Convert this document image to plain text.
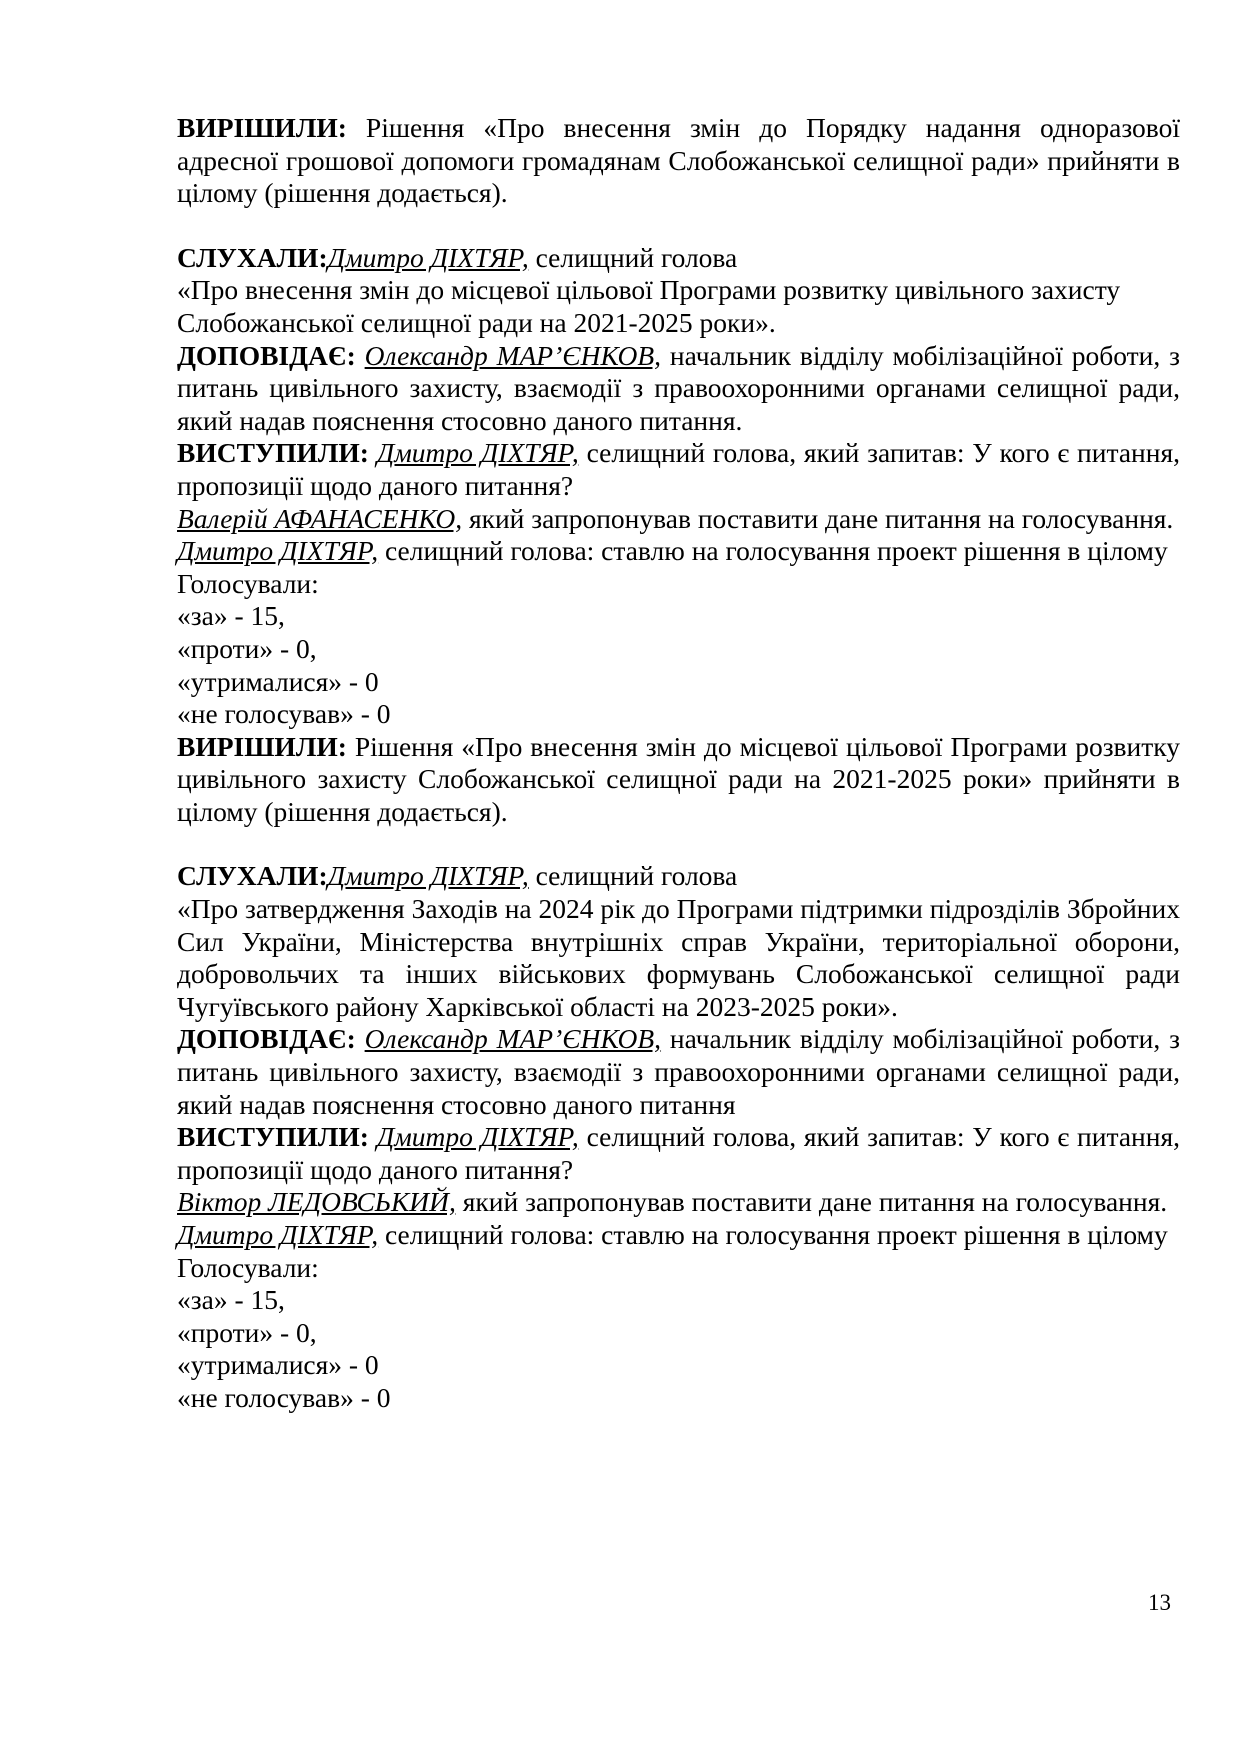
ВИРІШИЛИ: Рішення «Про внесення змін до Порядку надання одноразової адресної грошової допомоги громадянам Слобожанської селищної ради» прийняти в цілому (рішення додається).

СЛУХАЛИ:Дмитро ДІХТЯР, селищний голова

«Про внесення змін до місцевої цільової Програми розвитку цивільного захисту Слобожанської селищної ради на 2021-2025 роки».

ДОПОВІДАЄ: Олександр МАР’ЄНКОВ, начальник відділу мобілізаційної роботи, з питань цивільного захисту, взаємодії з правоохоронними органами селищної ради, який надав пояснення стосовно даного питання.

ВИСТУПИЛИ: Дмитро ДІХТЯР, селищний голова, який запитав: У кого є питання, пропозиції щодо даного питання?

Валерій АФАНАСЕНКО, який запропонував поставити дане питання на голосування.

Дмитро ДІХТЯР, селищний голова: ставлю на голосування проект рішення в цілому

Голосували:

«за» - 15,

«проти» - 0,

«утрималися» - 0

«не голосував» - 0

ВИРІШИЛИ: Рішення «Про внесення змін до місцевої цільової Програми розвитку цивільного захисту Слобожанської селищної ради на 2021-2025 роки» прийняти в цілому (рішення додається).

СЛУХАЛИ:Дмитро ДІХТЯР, селищний голова

«Про затвердження Заходів на 2024 рік до Програми підтримки підрозділів Збройних Сил України, Міністерства внутрішніх справ України, територіальної оборони, добровольчих та інших військових формувань Слобожанської селищної ради Чугуївського району Харківської області на 2023-2025 роки».

ДОПОВІДАЄ: Олександр МАР’ЄНКОВ, начальник відділу мобілізаційної роботи, з питань цивільного захисту, взаємодії з правоохоронними органами селищної ради, який надав пояснення стосовно даного питання

ВИСТУПИЛИ: Дмитро ДІХТЯР, селищний голова, який запитав: У кого є питання, пропозиції щодо даного питання?

Віктор ЛЕДОВСЬКИЙ, який запропонував поставити дане питання на голосування.

Дмитро ДІХТЯР, селищний голова: ставлю на голосування проект рішення в цілому

Голосували:

«за» - 15,

«проти» - 0,

«утрималися» - 0

«не голосував» - 0

13
